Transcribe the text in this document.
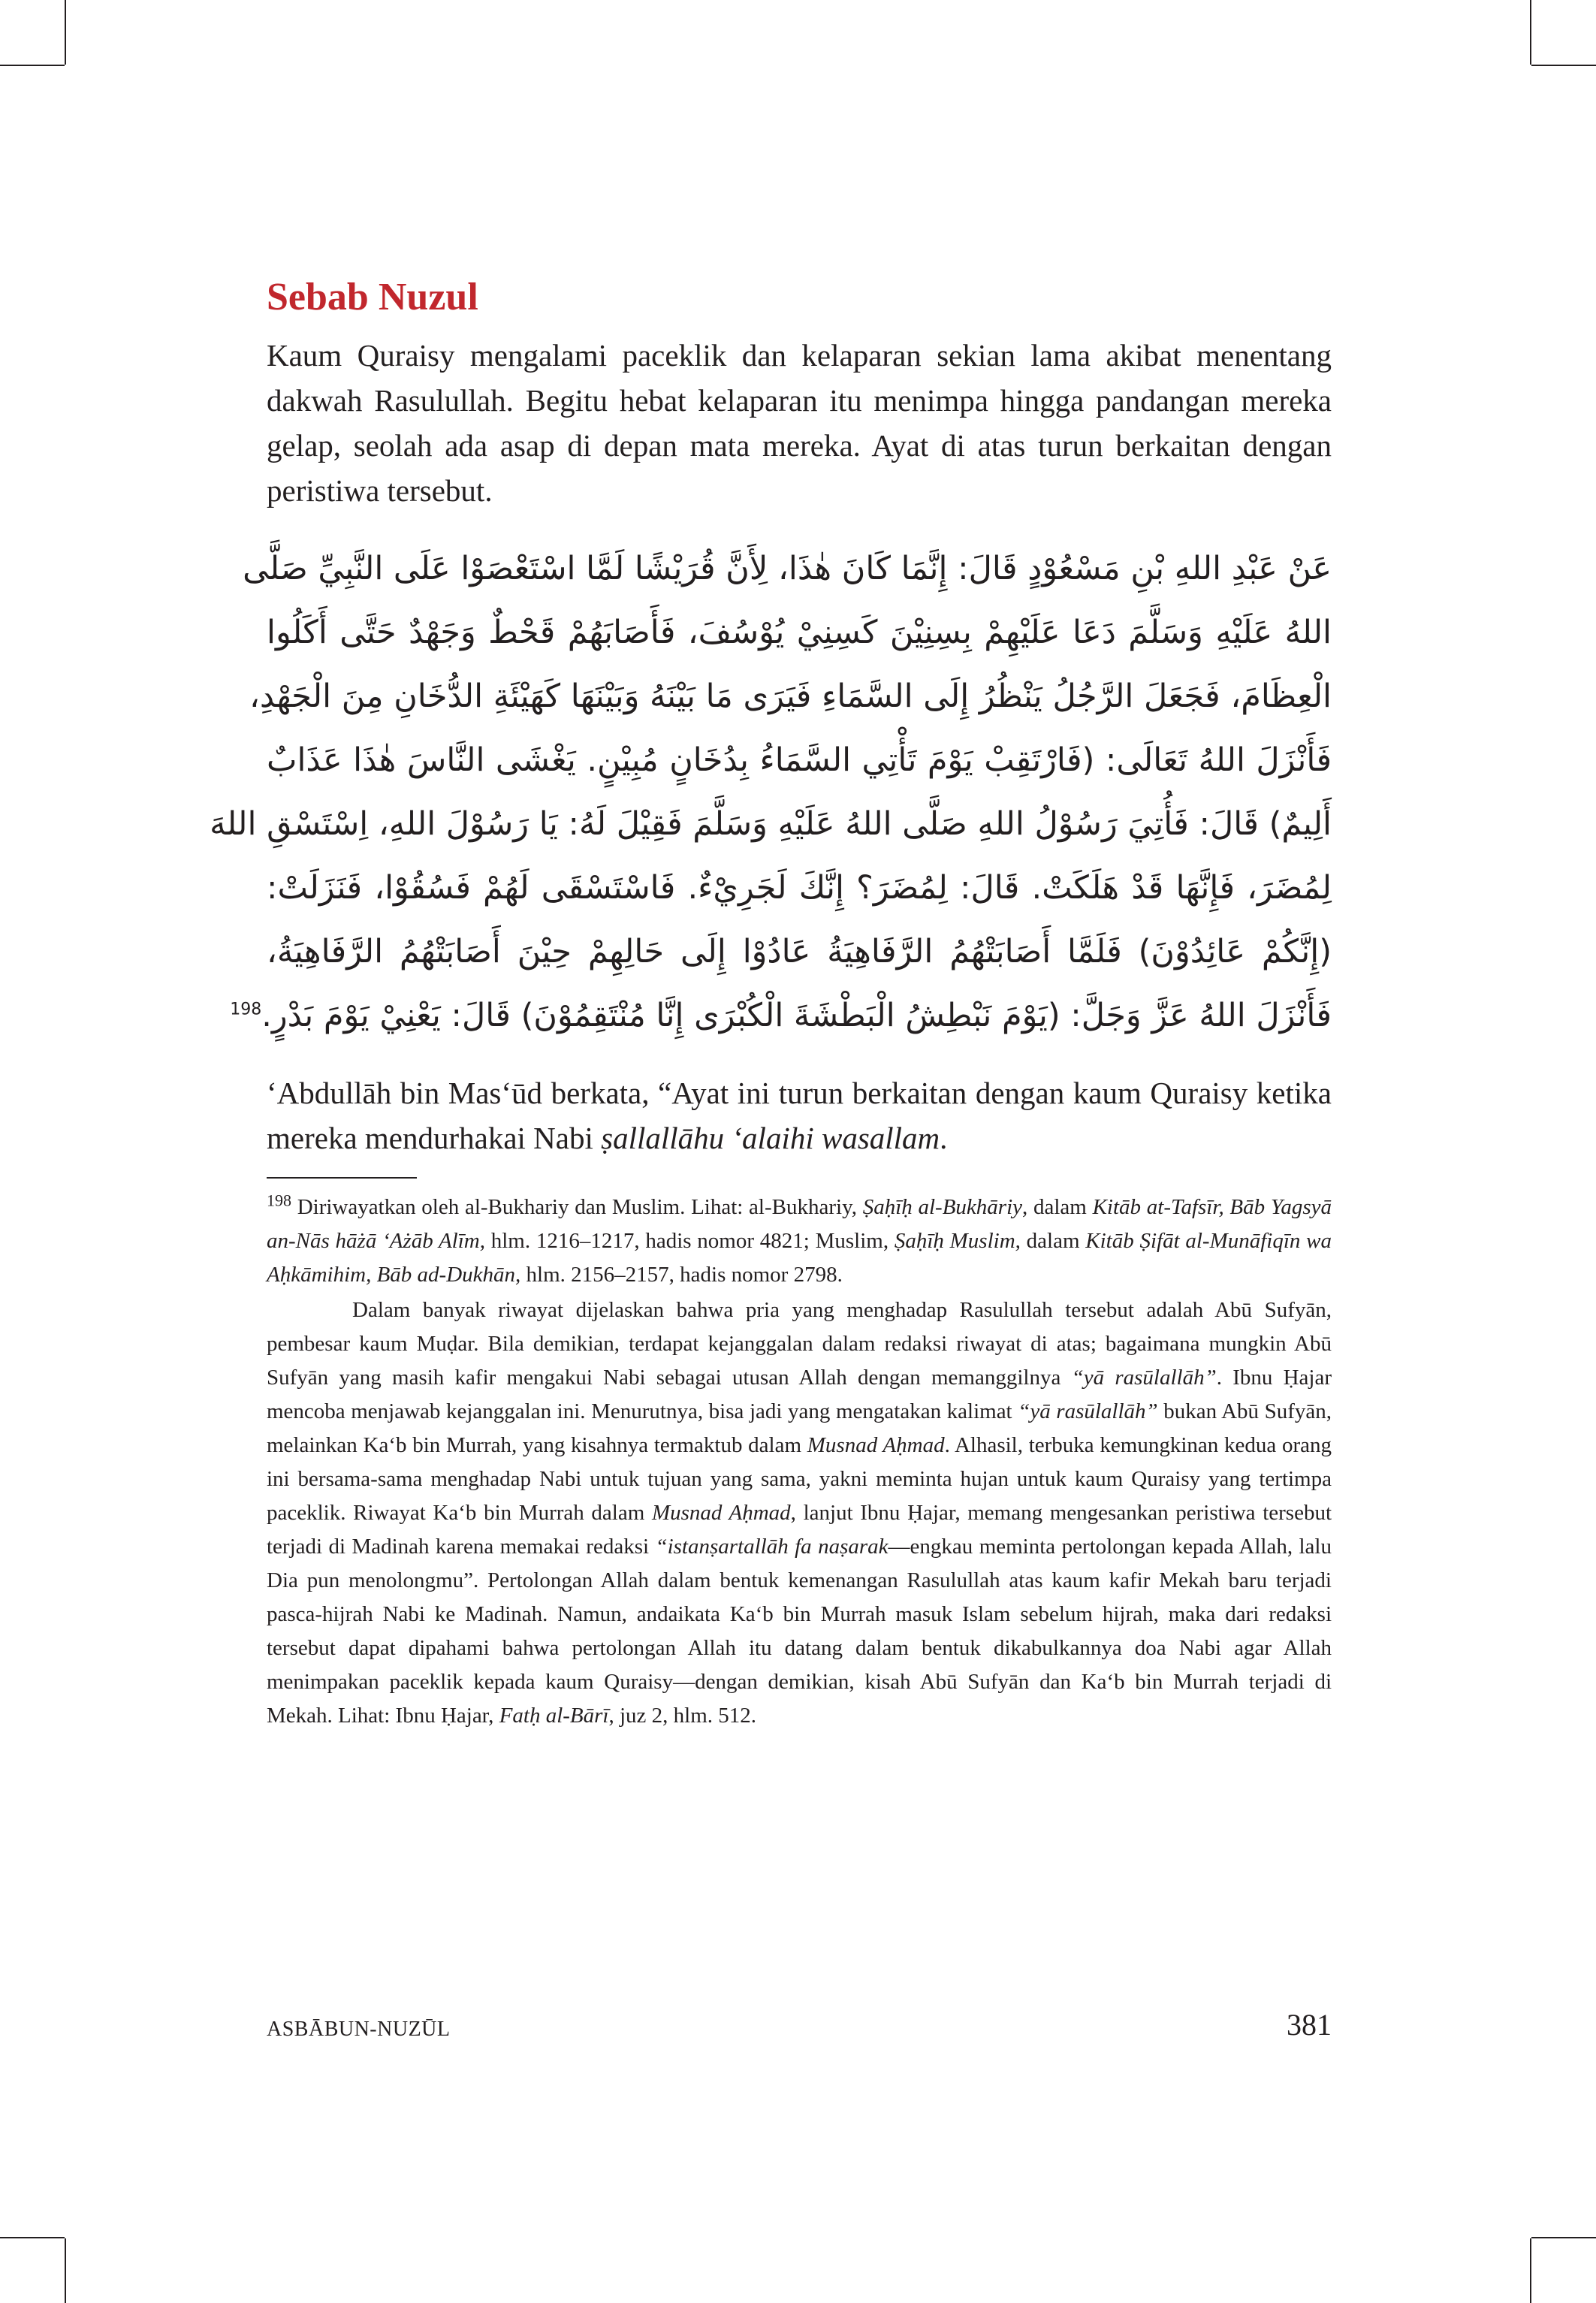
Sebab Nuzul

Kaum Quraisy mengalami paceklik dan kelaparan sekian lama akibat menentang dakwah Rasulullah. Begitu hebat kelaparan itu menimpa hingga pandangan mereka gelap, seolah ada asap di depan mata mereka. Ayat di atas turun berkaitan dengan peristiwa tersebut.

عَنْ عَبْدِ اللهِ بْنِ مَسْعُوْدٍ قَالَ: إِنَّمَا كَانَ هٰذَا، لِأَنَّ قُرَيْشًا لَمَّا اسْتَعْصَوْا عَلَى النَّبِيِّ صَلَّى
اللهُ عَلَيْهِ وَسَلَّمَ دَعَا عَلَيْهِمْ بِسِنِيْنَ كَسِنِيْ يُوْسُفَ، فَأَصَابَهُمْ قَحْطٌ وَجَهْدٌ حَتَّى أَكَلُوا
الْعِظَامَ، فَجَعَلَ الرَّجُلُ يَنْظُرُ إِلَى السَّمَاءِ فَيَرَى مَا بَيْنَهُ وَبَيْنَهَا كَهَيْئَةِ الدُّخَانِ مِنَ الْجَهْدِ،
فَأَنْزَلَ اللهُ تَعَالَى: (فَارْتَقِبْ يَوْمَ تَأْتِي السَّمَاءُ بِدُخَانٍ مُبِيْنٍ. يَغْشَى النَّاسَ هٰذَا عَذَابٌ
أَلِيمٌ) قَالَ: فَأُتِيَ رَسُوْلُ اللهِ صَلَّى اللهُ عَلَيْهِ وَسَلَّمَ فَقِيْلَ لَهُ: يَا رَسُوْلَ اللهِ، اِسْتَسْقِ اللهَ
لِمُضَرَ، فَإِنَّهَا قَدْ هَلَكَتْ. قَالَ: لِمُضَرَ؟ إِنَّكَ لَجَرِيْءٌ. فَاسْتَسْقَى لَهُمْ فَسُقُوْا، فَنَزَلَتْ:
(إِنَّكُمْ عَائِدُوْنَ) فَلَمَّا أَصَابَتْهُمُ الرَّفَاهِيَةُ عَادُوْا إِلَى حَالِهِمْ حِيْنَ أَصَابَتْهُمُ الرَّفَاهِيَةُ،
فَأَنْزَلَ اللهُ عَزَّ وَجَلَّ: (يَوْمَ نَبْطِشُ الْبَطْشَةَ الْكُبْرَى إِنَّا مُنْتَقِمُوْنَ) قَالَ: يَعْنِيْ يَوْمَ بَدْرٍ.$^{198}$

‘Abdullāh bin Mas‘ūd berkata, “Ayat ini turun berkaitan dengan kaum Quraisy ketika mereka mendurhakai Nabi ṣallallāhu ‘alaihi wasallam.

$^{198}$ Diriwayatkan oleh al-Bukhariy dan Muslim. Lihat: al-Bukhariy, Ṣaḥīḥ al-Bukhāriy, dalam Kitāb at-Tafsīr, Bāb Yagsyā an-Nās hāżā ‘Ażāb Alīm, hlm. 1216–1217, hadis nomor 4821; Muslim, Ṣaḥīḥ Muslim, dalam Kitāb Ṣifāt al-Munāfiqīn wa Aḥkāmihim, Bāb ad-Dukhān, hlm. 2156–2157, hadis nomor 2798.

Dalam banyak riwayat dijelaskan bahwa pria yang menghadap Rasulullah tersebut adalah Abū Sufyān, pembesar kaum Muḍar. Bila demikian, terdapat kejanggalan dalam redaksi riwayat di atas; bagaimana mungkin Abū Sufyān yang masih kafir mengakui Nabi sebagai utusan Allah dengan memanggilnya “yā rasūlallāh”. Ibnu Ḥajar mencoba menjawab kejanggalan ini. Menurutnya, bisa jadi yang mengatakan kalimat “yā rasūlallāh” bukan Abū Sufyān, melainkan Ka‘b bin Murrah, yang kisahnya termaktub dalam Musnad Aḥmad. Alhasil, terbuka kemungkinan kedua orang ini bersama-sama menghadap Nabi untuk tujuan yang sama, yakni meminta hujan untuk kaum Quraisy yang tertimpa paceklik. Riwayat Ka‘b bin Murrah dalam Musnad Aḥmad, lanjut Ibnu Ḥajar, memang mengesankan peristiwa tersebut terjadi di Madinah karena memakai redaksi “istanṣartallāh fa naṣarak—engkau meminta pertolongan kepada Allah, lalu Dia pun menolongmu”. Pertolongan Allah dalam bentuk kemenangan Rasulullah atas kaum kafir Mekah baru terjadi pasca-hijrah Nabi ke Madinah. Namun, andaikata Ka‘b bin Murrah masuk Islam sebelum hijrah, maka dari redaksi tersebut dapat dipahami bahwa pertolongan Allah itu datang dalam bentuk dikabulkannya doa Nabi agar Allah menimpakan paceklik kepada kaum Quraisy—dengan demikian, kisah Abū Sufyān dan Ka‘b bin Murrah terjadi di Mekah. Lihat: Ibnu Ḥajar, Fatḥ al-Bārī, juz 2, hlm. 512.

ASBĀBUN-NUZŪL	381
